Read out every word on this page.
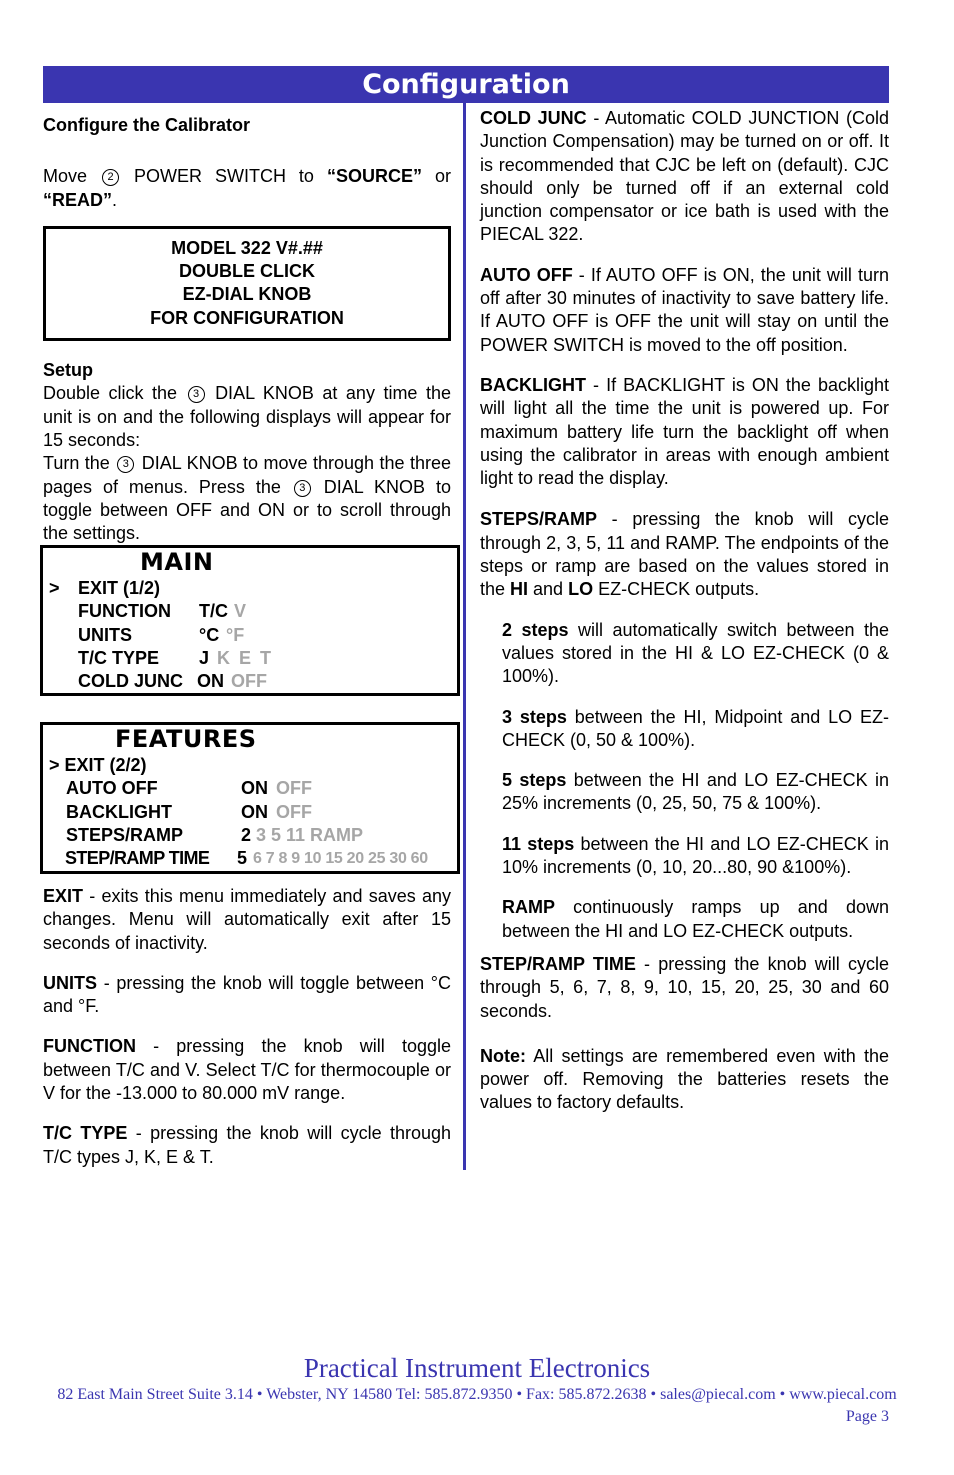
Configuration

Configure the Calibrator

Move 2 POWER SWITCH to “SOURCE” or “READ”.

MODEL 322 V#.##
DOUBLE CLICK
EZ-DIAL KNOB
FOR CONFIGURATION

Setup

Double click the 3 DIAL KNOB at any time the unit is on and the following displays will appear for 15 seconds:

Turn the 3 DIAL KNOB to move through the three pages of menus. Press the 3 DIAL KNOB to toggle between OFF and ON or to scroll through the settings.

MAIN
> EXIT (1/2)
FUNCTION T/C V
UNITS	°C °F
T/C TYPE J K E T
COLD JUNC ON OFF
FEATURES
> EXIT (2/2)
AUTO OFF	ON OFF
BACKLIGHT	ON OFF
STEPS/RAMP	2 3 5 11 RAMP
STEP/RAMP TIME 5 6 7 8 9 10 15 20 25 30 60

EXIT - exits this menu immediately and saves any changes. Menu will automatically exit after 15 seconds of inactivity.

UNITS - pressing the knob will toggle between °C and °F.

FUNCTION - pressing the knob will toggle between T/C and V. Select T/C for thermocouple or V for the -13.000 to 80.000 mV range.

T/C TYPE - pressing the knob will cycle through T/C types J, K, E & T.

COLD JUNC - Automatic COLD JUNCTION (Cold Junction Compensation) may be turned on or off. It is recommended that CJC be left on (default). CJC should only be turned off if an external cold junction compensator or ice bath is used with the PIECAL 322.

AUTO OFF - If AUTO OFF is ON, the unit will turn off after 30 minutes of inactivity to save battery life. If AUTO OFF is OFF the unit will stay on until the POWER SWITCH is moved to the off position.

BACKLIGHT - If BACKLIGHT is ON the backlight will light all the time the unit is powered up. For maximum battery life turn the backlight off when using the calibrator in areas with enough ambient light to read the display.

STEPS/RAMP - pressing the knob will cycle through 2, 3, 5, 11 and RAMP. The endpoints of the steps or ramp are based on the values stored in the HI and LO EZ-CHECK outputs.

2 steps will automatically switch between the values stored in the HI & LO EZ-CHECK (0 & 100%).

3 steps between the HI, Midpoint and LO EZ-CHECK (0, 50 & 100%).

5 steps between the HI and LO EZ-CHECK in 25% increments (0, 25, 50, 75 & 100%).

11 steps between the HI and LO EZ-CHECK in 10% increments (0, 10, 20...80, 90 &100%).

RAMP continuously ramps up and down between the HI and LO EZ-CHECK outputs.

STEP/RAMP TIME - pressing the knob will cycle through 5, 6, 7, 8, 9, 10, 15, 20, 25, 30 and 60 seconds.

Note: All settings are remembered even with the power off. Removing the batteries resets the values to factory defaults.

Practical Instrument Electronics
82 East Main Street Suite 3.14 • Webster, NY 14580 Tel: 585.872.9350 • Fax: 585.872.2638 • sales@piecal.com • www.piecal.com
Page 3
